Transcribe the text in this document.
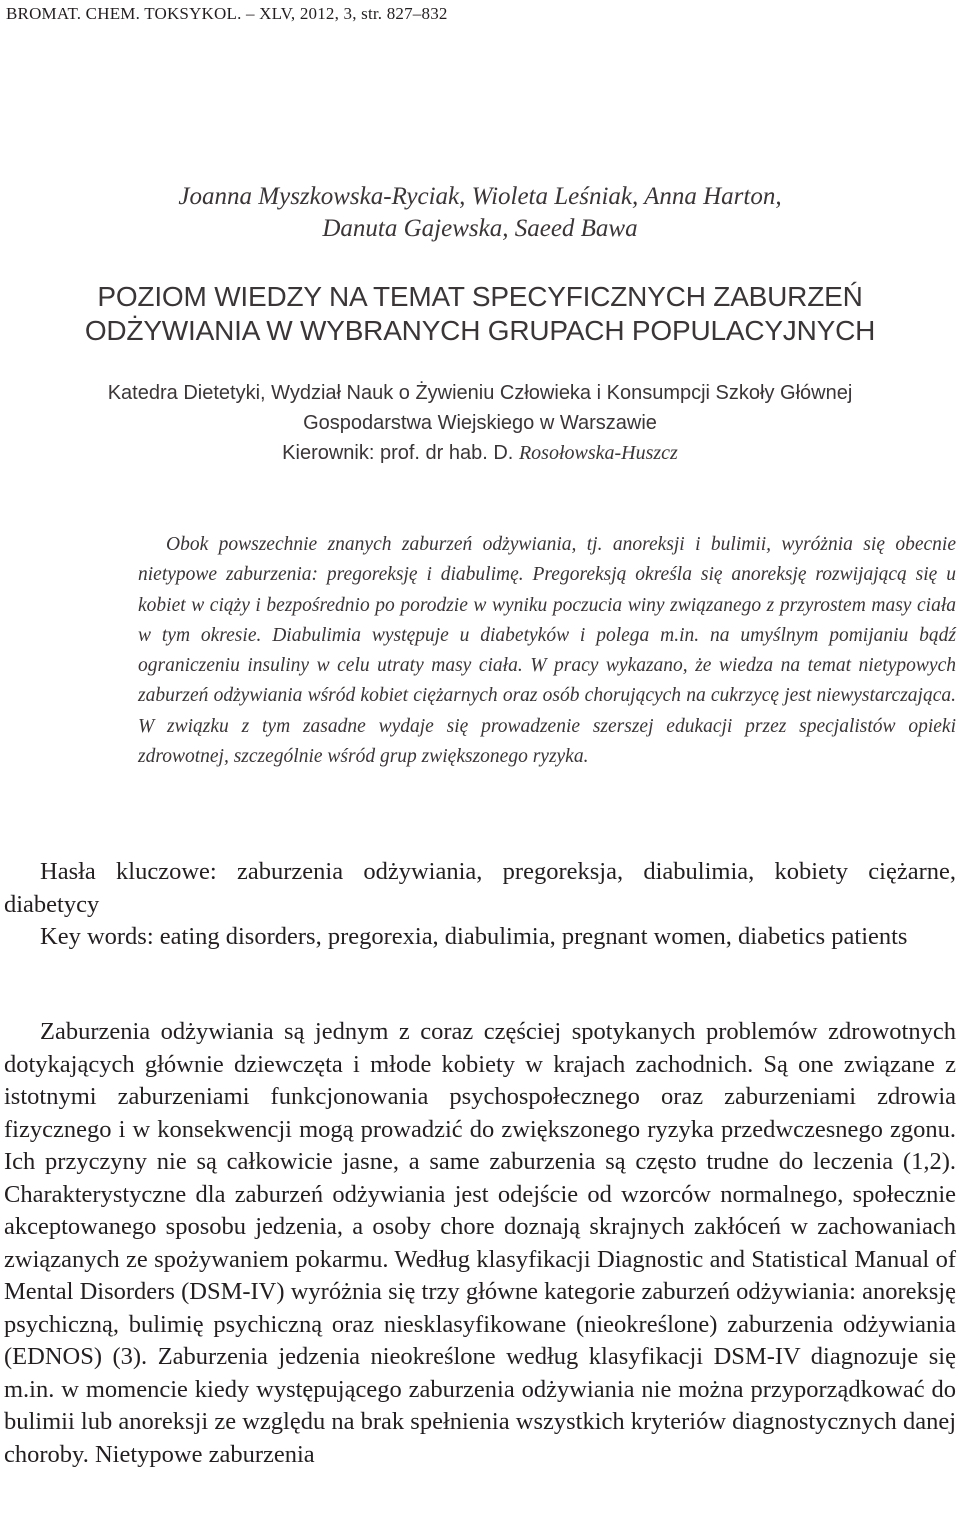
BROMAT. CHEM. TOKSYKOL. – XLV, 2012, 3, str. 827–832
Joanna Myszkowska-Ryciak, Wioleta Leśniak, Anna Harton,
Danuta Gajewska, Saeed Bawa
POZIOM WIEDZY NA TEMAT SPECYFICZNYCH ZABURZEŃ
ODŻYWIANIA W WYBRANYCH GRUPACH POPULACYJNYCH
Katedra Dietetyki, Wydział Nauk o Żywieniu Człowieka i Konsumpcji Szkoły Głównej
Gospodarstwa Wiejskiego w Warszawie
Kierownik: prof. dr hab. D. Rosołowska-Huszcz

Obok powszechnie znanych zaburzeń odżywiania, tj. anoreksji i bulimii, wyróżnia się obecnie nietypowe zaburzenia: pregoreksję i diabulimę. Pregoreksją określa się anoreksję rozwijającą się u kobiet w ciąży i bezpośrednio po porodzie w wyniku poczucia winy związanego z przyrostem masy ciała w tym okresie. Diabulimia występuje u diabetyków i polega m.in. na umyślnym pomijaniu bądź ograniczeniu insuliny w celu utraty masy ciała. W pracy wykazano, że wiedza na temat nietypowych zaburzeń odżywiania wśród kobiet ciężarnych oraz osób chorujących na cukrzycę jest niewystarczająca. W związku z tym zasadne wydaje się prowadzenie szerszej edukacji przez specjalistów opieki zdrowotnej, szczególnie wśród grup zwiększonego ryzyka.

Hasła kluczowe: zaburzenia odżywiania, pregoreksja, diabulimia, kobiety ciężarne, diabetycy

Key words: eating disorders, pregorexia, diabulimia, pregnant women, diabetics patients

Zaburzenia odżywiania są jednym z coraz częściej spotykanych problemów zdrowotnych dotykających głównie dziewczęta i młode kobiety w krajach zachodnich. Są one związane z istotnymi zaburzeniami funkcjonowania psychospołecznego oraz zaburzeniami zdrowia fizycznego i w konsekwencji mogą prowadzić do zwiększonego ryzyka przedwczesnego zgonu. Ich przyczyny nie są całkowicie jasne, a same zaburzenia są często trudne do leczenia (1,2). Charakterystyczne dla zaburzeń odżywiania jest odejście od wzorców normalnego, społecznie akceptowanego sposobu jedzenia, a osoby chore doznają skrajnych zakłóceń w zachowaniach związanych ze spożywaniem pokarmu. Według klasyfikacji Diagnostic and Statistical Manual of Mental Disorders (DSM-IV) wyróżnia się trzy główne kategorie zaburzeń odżywiania: anoreksję psychiczną, bulimię psychiczną oraz niesklasyfikowane (nieokreślone) zaburzenia odżywiania (EDNOS) (3). Zaburzenia jedzenia nieokreślone według klasyfikacji DSM-IV diagnozuje się m.in. w momencie kiedy występującego zaburzenia odżywiania nie można przyporządkować do bulimii lub anoreksji ze względu na brak spełnienia wszystkich kryteriów diagnostycznych danej choroby. Nietypowe zaburzenia
